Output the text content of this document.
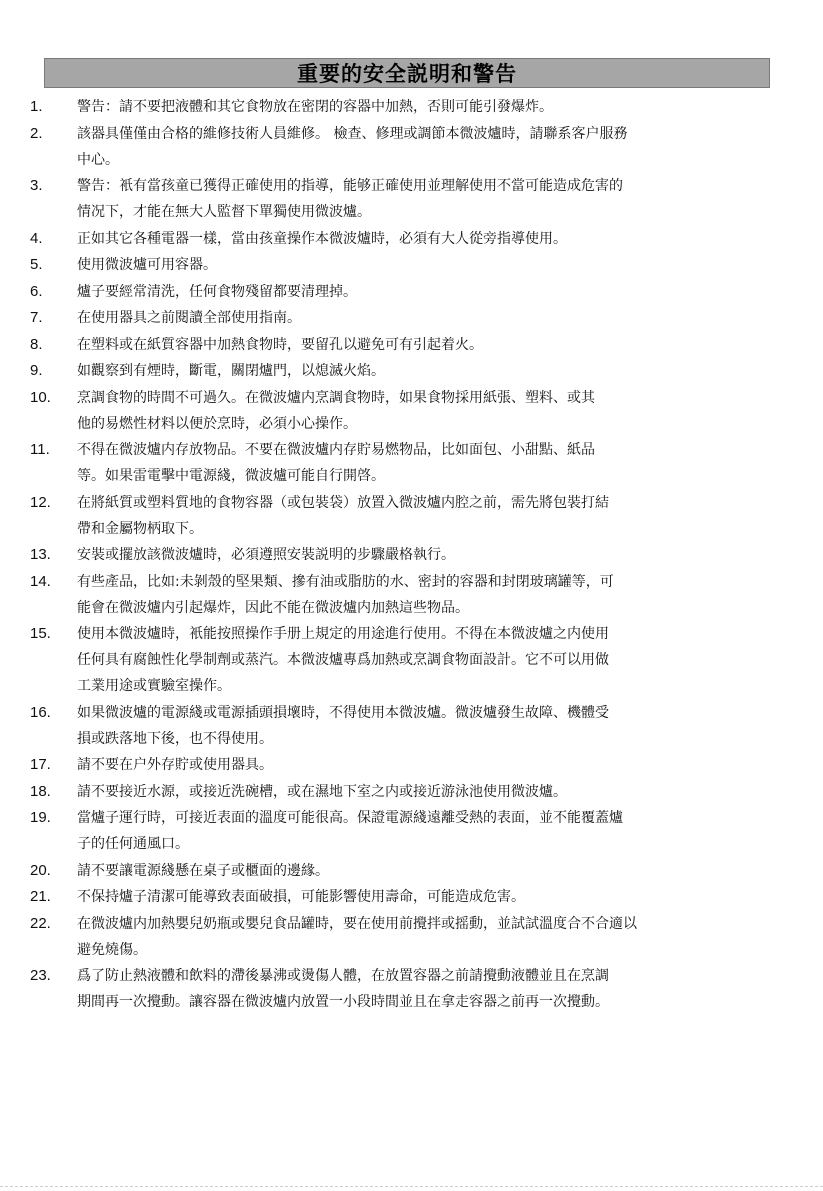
重要的安全説明和警告
1.	警告：請不要把液體和其它食物放在密閉的容器中加熱，否則可能引發爆炸。
2.	該器具僅僅由合格的維修技術人員維修。 檢查、修理或調節本微波爐時，請聯系客户服務
中心。
3.	警告：衹有當孩童已獲得正確使用的指導，能够正確使用並理解使用不當可能造成危害的
情况下，才能在無大人監督下單獨使用微波爐。
4.	正如其它各種電器一樣，當由孩童操作本微波爐時，必須有大人從旁指導使用。
5.	使用微波爐可用容器。
6.	爐子要經常清洗，任何食物殘留都要清理掉。
7.	在使用器具之前閱讀全部使用指南。
8.	在塑料或在紙質容器中加熱食物時，要留孔以避免可有引起着火。
9.	如觀察到有煙時，斷電，關閉爐門，以熄滅火焰。
10.	烹調食物的時間不可過久。在微波爐内烹調食物時，如果食物採用紙張、塑料、或其
他的易燃性材料以便於烹時，必須小心操作。
11.	不得在微波爐内存放物品。不要在微波爐内存貯易燃物品，比如面包、小甜點、紙品
等。如果雷電擊中電源綫，微波爐可能自行開啓。
12.	在將紙質或塑料質地的食物容器（或包裝袋）放置入微波爐内腔之前，需先將包裝打結
帶和金屬物柄取下。
13.	安裝或擺放該微波爐時，必須遵照安裝説明的步驟嚴格執行。
14.	有些產品，比如:未剝殼的堅果類、摻有油或脂肪的水、密封的容器和封閉玻璃罐等，可
能會在微波爐内引起爆炸，因此不能在微波爐内加熱這些物品。
15.	使用本微波爐時，衹能按照操作手册上規定的用途進行使用。不得在本微波爐之内使用
任何具有腐蝕性化學制劑或蒸汽。本微波爐專爲加熱或烹調食物面設計。它不可以用做
工業用途或實驗室操作。
16.	如果微波爐的電源綫或電源插頭損壞時，不得使用本微波爐。微波爐發生故障、機體受
損或跌落地下後，也不得使用。
17.	請不要在户外存貯或使用器具。
18.	請不要接近水源，或接近洗碗槽，或在濕地下室之内或接近游泳池使用微波爐。
19.	當爐子運行時，可接近表面的溫度可能很高。保證電源綫遠離受熱的表面，並不能覆蓋爐
子的任何通風口。
20.	請不要讓電源綫懸在桌子或櫃面的邊緣。
21.	不保持爐子清潔可能導致表面破損，可能影響使用壽命，可能造成危害。
22.	在微波爐内加熱嬰兒奶瓶或嬰兒食品罐時，要在使用前攪拌或摇動，並試試溫度合不合適以
避免燒傷。
23.	爲了防止熱液體和飲料的滯後暴沸或燙傷人體，在放置容器之前請攪動液體並且在烹調
期間再一次攪動。讓容器在微波爐内放置一小段時間並且在拿走容器之前再一次攪動。
